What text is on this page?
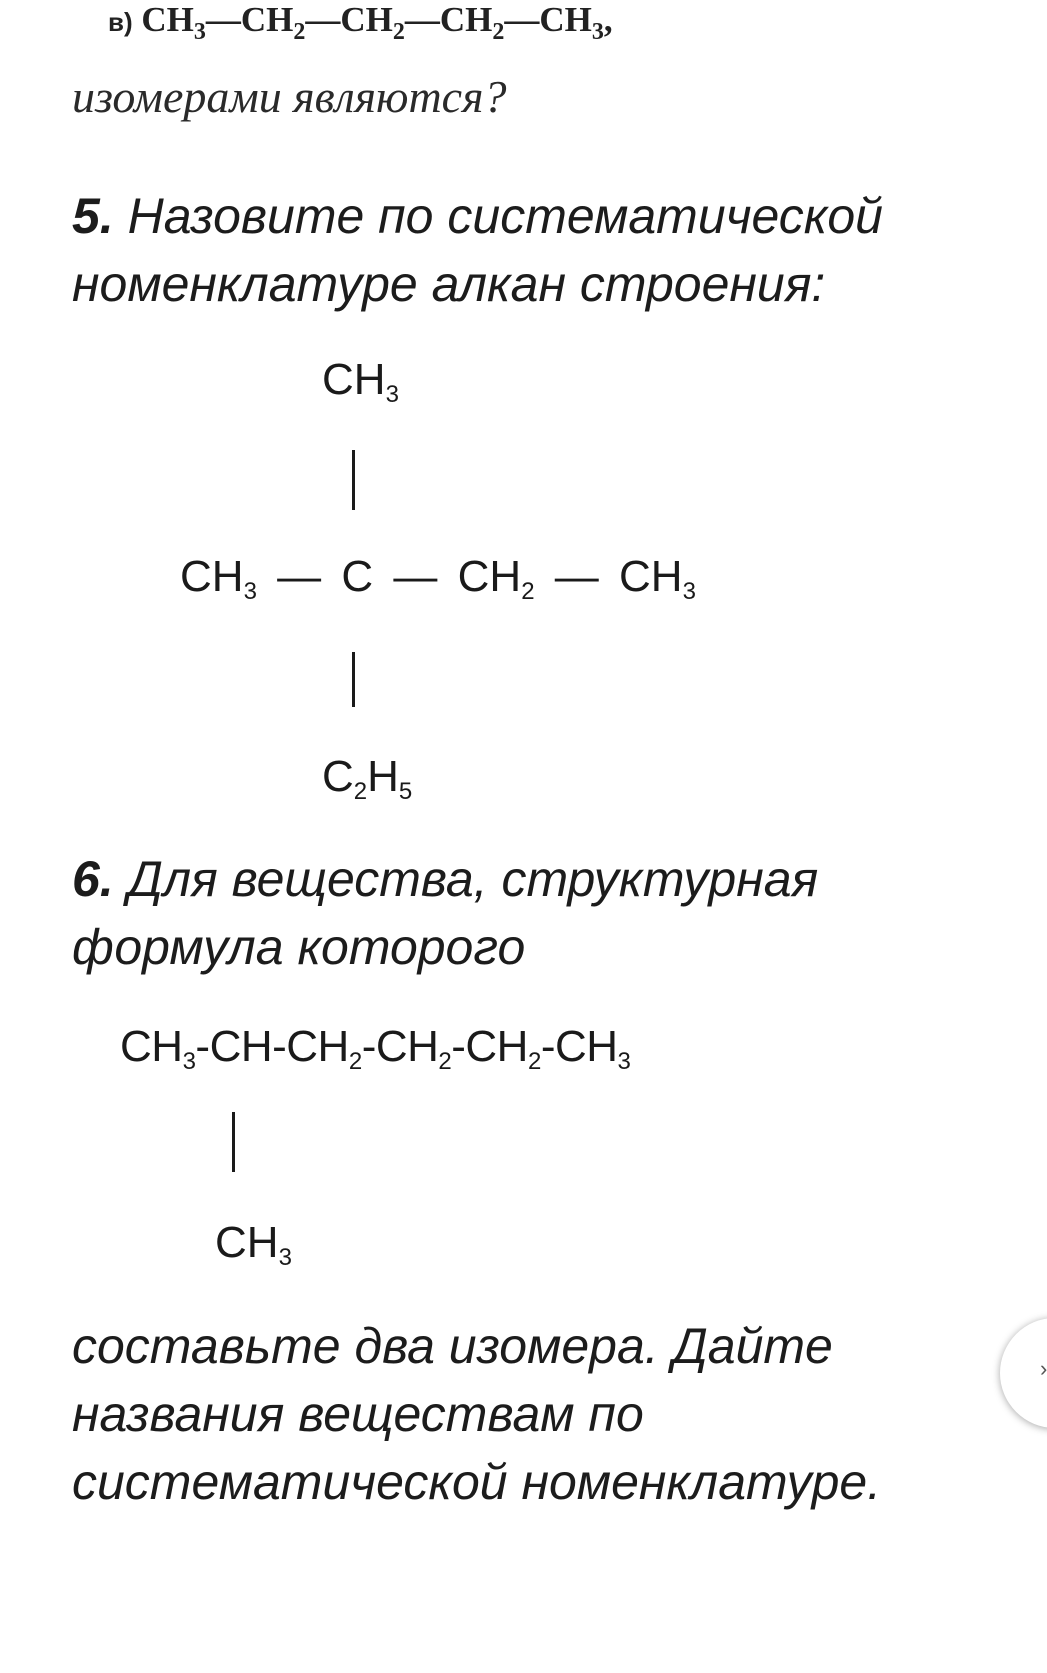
в) $CH_3—CH_2—CH_2—CH_2—CH_3$,
изомерами являются?
5. Назовите по систематической
номенклатуре алкан строения:
$CH_3$
$CH_3$ — C — $CH_2$ — $CH_3$
$C_2H_5$
6. Для вещества, структурная
формула которого
$CH_3-CH-CH_2-CH_2-CH_2-CH_3$
$CH_3$
составьте два изомера. Дайте
названия веществам по
систематической номенклатуре.
›
